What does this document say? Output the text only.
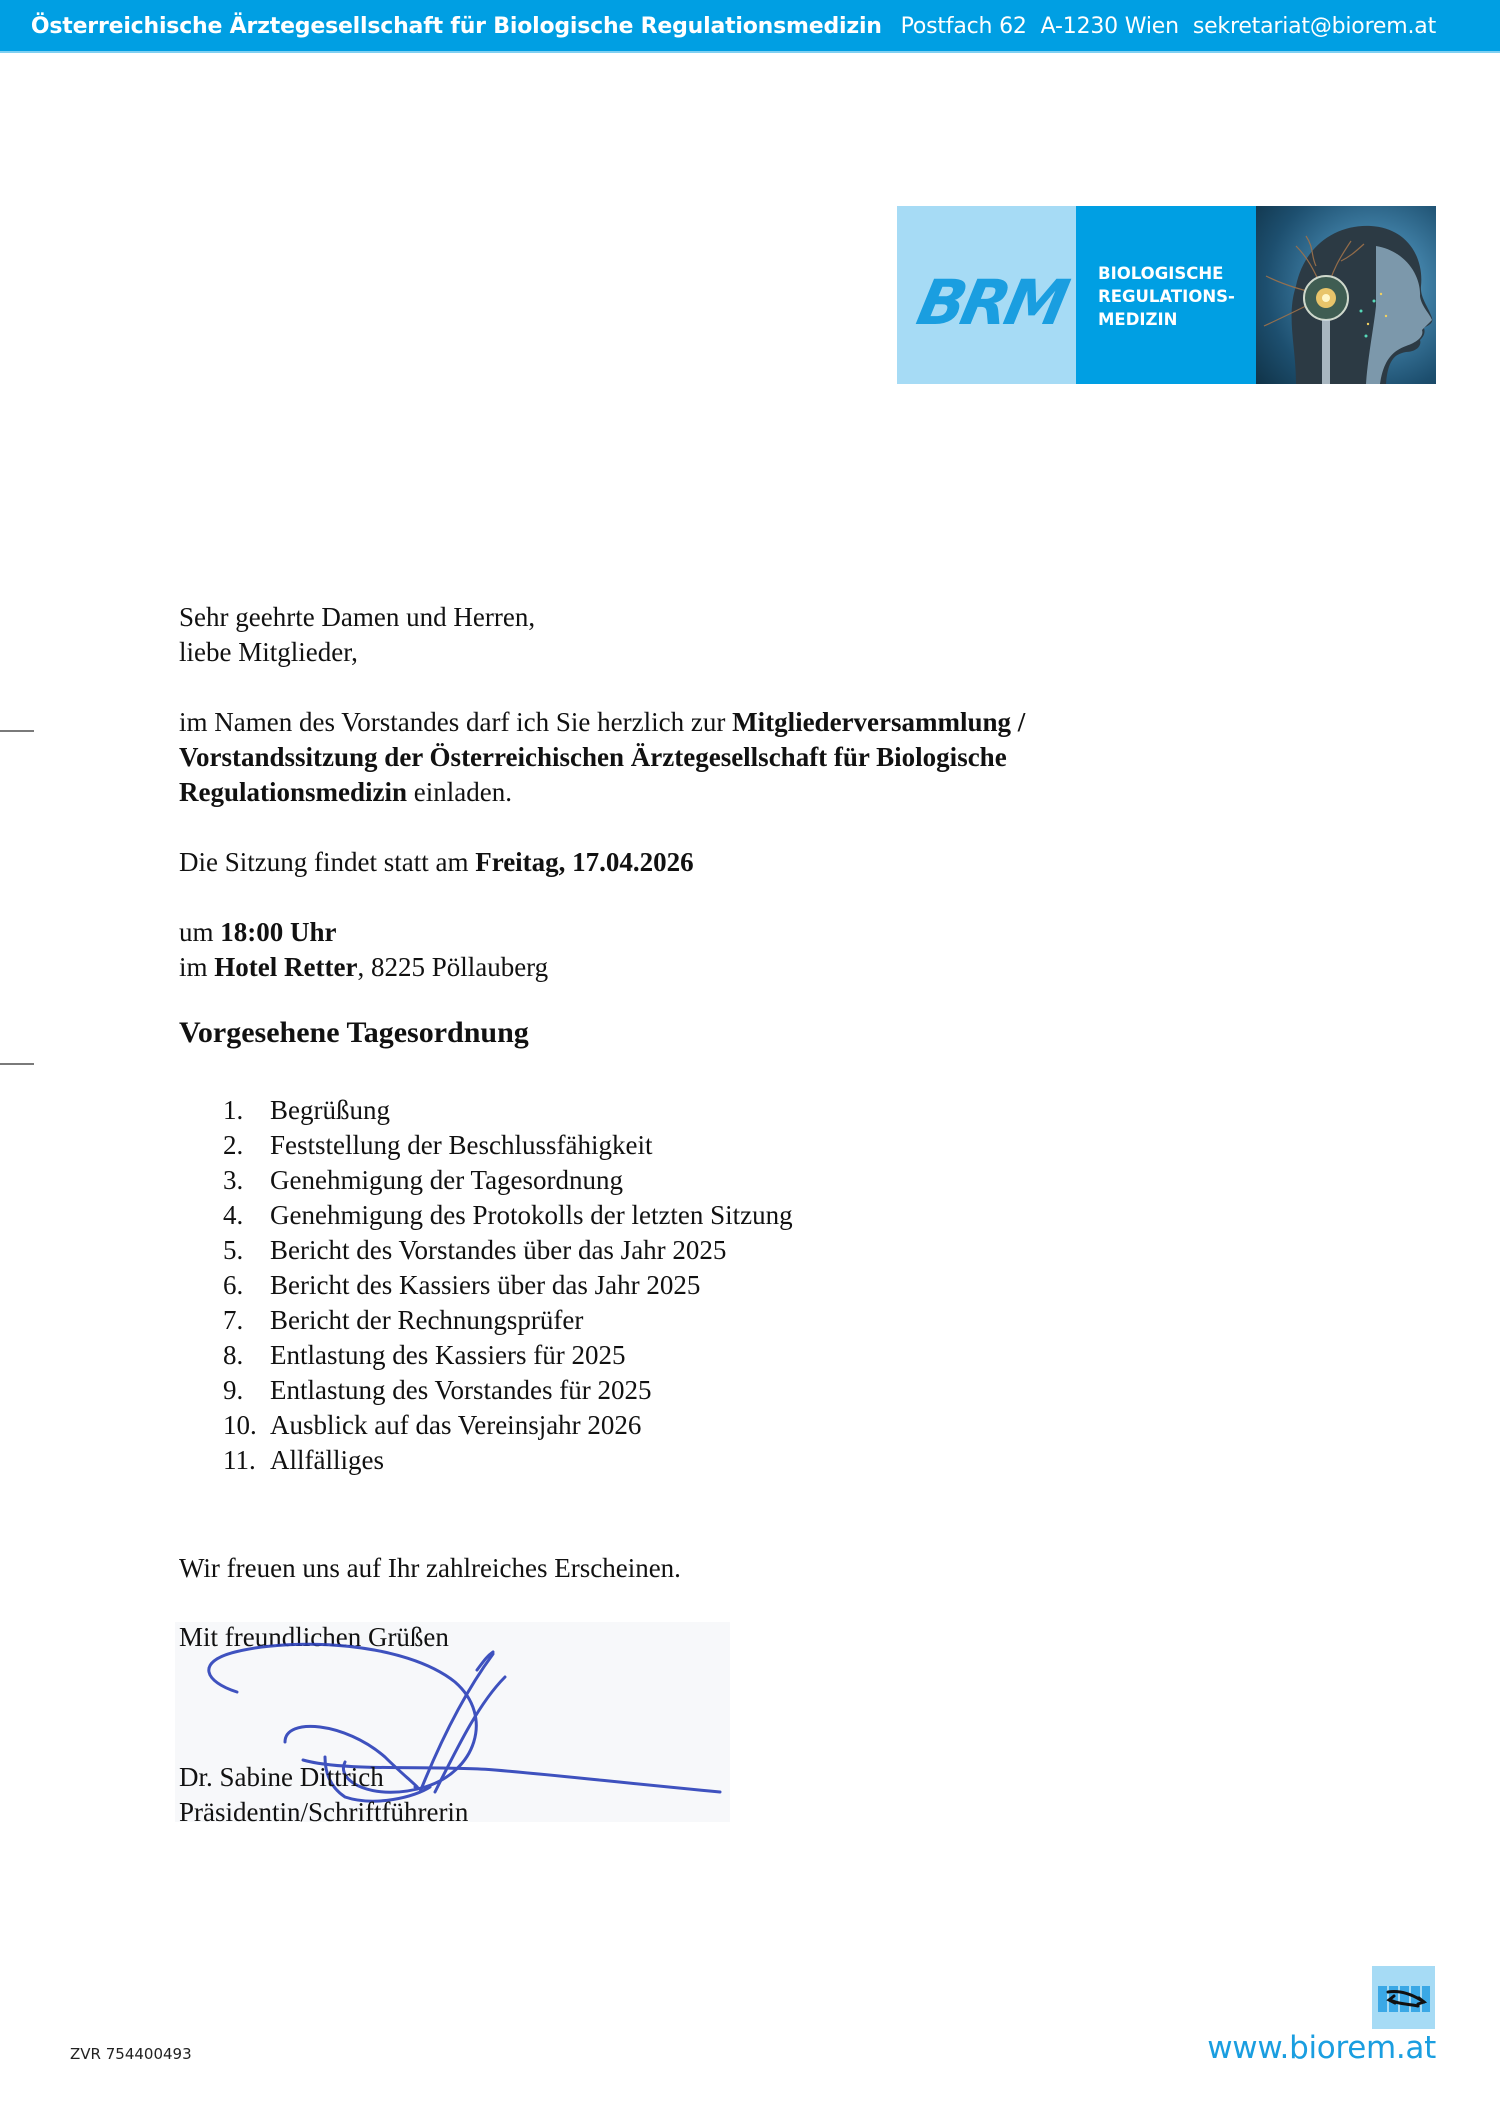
Österreichische Ärztegesellschaft für Biologische Regulationsmedizin Postfach 62 A-1230 Wien sekretariat@biorem.at
BRM BIOLOGISCHE
REGULATIONS-
MEDIZIN

Sehr geehrte Damen und Herren,

liebe Mitglieder,

im Namen des Vorstandes darf ich Sie herzlich zur Mitgliederversammlung / Vorstandssitzung der Österreichischen Ärztegesellschaft für Biologische Regulationsmedizin einladen.

Die Sitzung findet statt am Freitag, 17.04.2026

um 18:00 Uhr

im Hotel Retter, 8225 Pöllauberg

Vorgesehene Tagesordnung

1. Begrüßung
2. Feststellung der Beschlussfähigkeit
3. Genehmigung der Tagesordnung
4. Genehmigung des Protokolls der letzten Sitzung
5. Bericht des Vorstandes über das Jahr 2025
6. Bericht des Kassiers über das Jahr 2025
7. Bericht der Rechnungsprüfer
8. Entlastung des Kassiers für 2025
9. Entlastung des Vorstandes für 2025
10. Ausblick auf das Vereinsjahr 2026
11. Allfälliges

Wir freuen uns auf Ihr zahlreiches Erscheinen.

Mit freundlichen Grüßen

Dr. Sabine Dittrich
Präsidentin/Schriftführerin
ZVR 754400493	www.biorem.at
